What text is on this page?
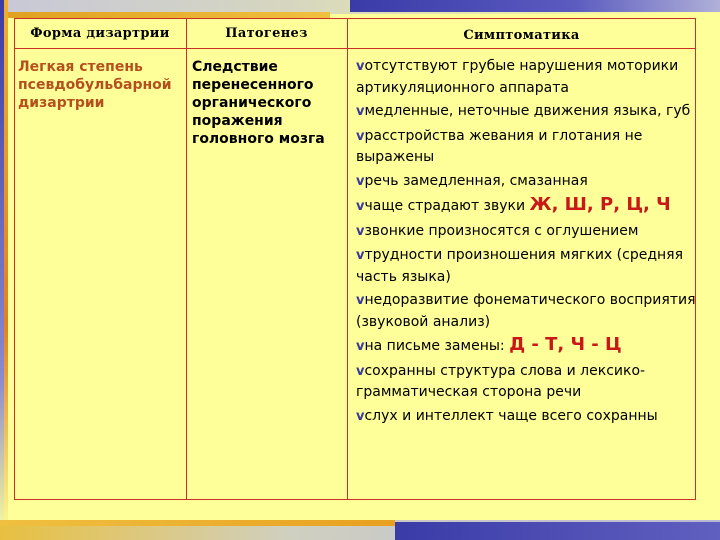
Форма дизартрии	Патогенез	Симптоматика
Легкая степень
псевдобульбарной
дизартрии
Следствие
перенесенного
органического
поражения
головного мозга
vотсутствуют грубые нарушения моторики артикуляционного аппарата
vмедленные, неточные движения языка, губ
vрасстройства жевания и глотания не выражены
vречь замедленная, смазанная
vчаще страдают звуки Ж, Ш, Р, Ц, Ч
vзвонкие произносятся с оглушением
vтрудности произношения мягких (средняя часть языка)
vнедоразвитие фонематического восприятия (звуковой анализ)
vна письме замены: Д - Т, Ч - Ц
vсохранны структура слова и лексико-грамматическая сторона речи
vслух и интеллект чаще всего сохранны
